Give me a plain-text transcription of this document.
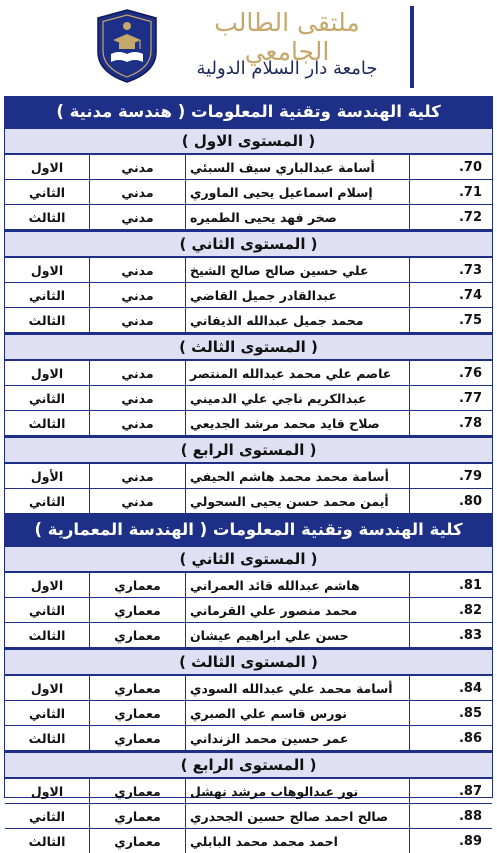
ملتقى الطالب الجامعي
جامعة دار السلام الدولية
كلية الهندسة وتقنية المعلومات ( هندسة مدنية )
( المستوى الاول )
الاول	مدني	أسامة عبدالباري سيف السبئي	.70
الثاني	مدني	إسلام اسماعيل يحيى الماوري	.71
الثالث	مدني	صخر فهد يحيى الطميره	.72
( المستوى الثاني )
الاول	مدني	علي حسين صالح صالح الشيخ	.73
الثاني	مدني	عبدالقادر جميل القاضي	.74
الثالث	مدني	محمد جميل عبدالله الذيفاني	.75
( المستوى الثالث )
الاول	مدني	عاصم علي محمد عبدالله المنتصر	.76
الثاني	مدني	عبدالكريم ناجي علي الدميني	.77
الثالث	مدني	صلاح قايد محمد مرشد الجديعي	.78
( المستوى الرابع )
الأول	مدني	أسامة محمد محمد هاشم الحيفي	.79
الثاني	مدني	أيمن محمد حسن يحيى السحولي	.80
كلية الهندسة وتقنية المعلومات ( الهندسة المعمارية )
( المستوى الثاني )
الاول	معماري	هاشم عبدالله قائد العمراني	.81
الثاني	معماري	محمد منصور علي القرماني	.82
الثالث	معماري	حسن علي ابراهيم عيشان	.83
( المستوى الثالث )
الاول	معماري	أسامة محمد علي عبدالله السودي	.84
الثاني	معماري	نورس قاسم علي الصبري	.85
الثالث	معماري	عمر حسين محمد الزنداني	.86
( المستوى الرابع )
الاول	معماري	نور عبدالوهاب مرشد نهشل	.87
الثاني	معماري	صالح احمد صالح حسين الجحدري	.88
الثالث	معماري	احمد محمد محمد البابلي	.89
